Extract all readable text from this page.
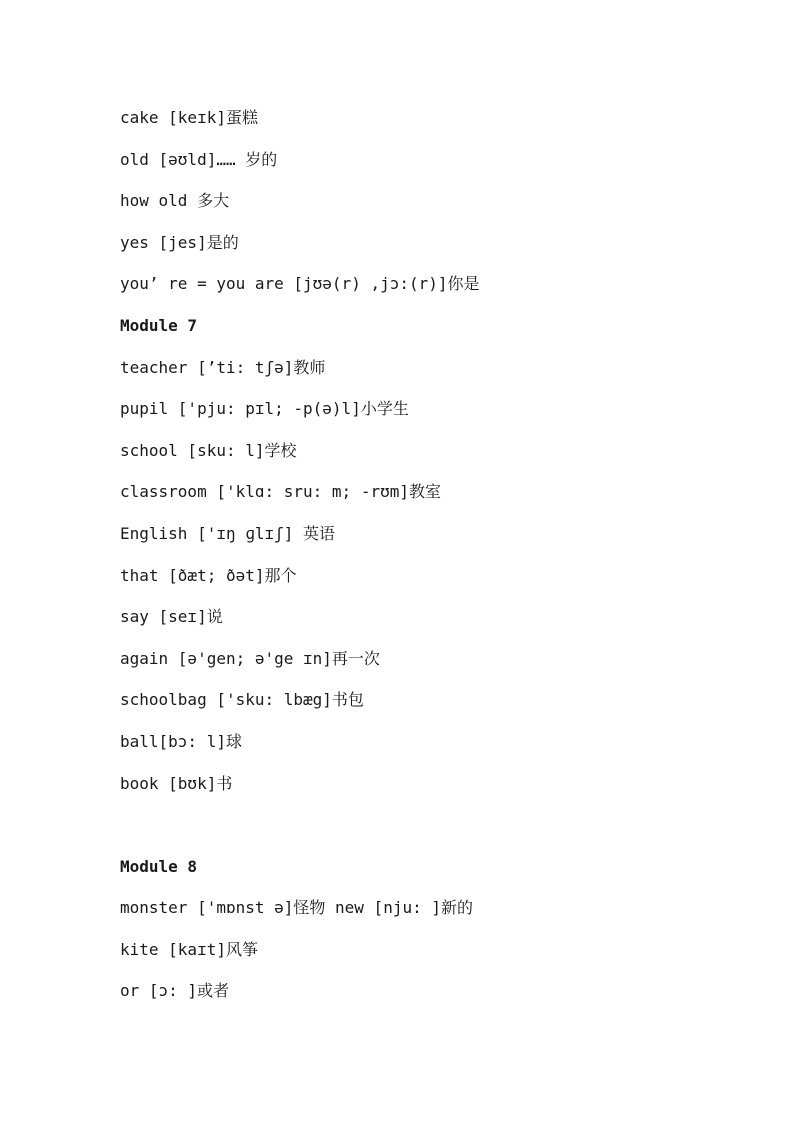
cake [keɪk]蛋糕
old [əʊld]…… 岁的
how old 多大
yes [jes]是的
you’ re = you are [jʊə(r) ,jɔ:(r)]你是
Module 7
teacher [’ti: tʃə]教师
pupil ['pju: pɪl; -p(ə)l]小学生
school [sku: l]学校
classroom ['klɑ: sru: m; -rʊm]教室
English ['ɪŋ ɡlɪʃ] 英语
that [ðæt; ðət]那个
say [seɪ]说
again [ə'gen; ə'ge ɪn]再一次
schoolbag ['sku: lbæg]书包
ball[bɔ: l]球
book [bʊk]书
Module 8
monster ['mɒnst ə]怪物 new [nju: ]新的
kite [kaɪt]风筝
or [ɔ: ]或者
